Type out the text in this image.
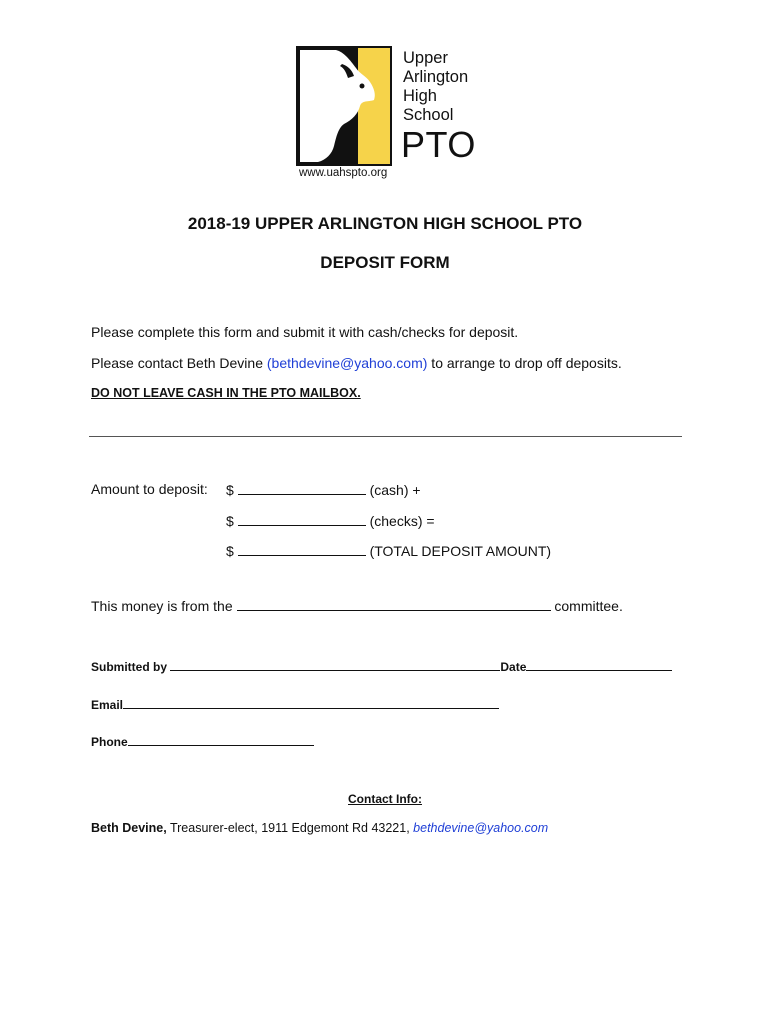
Upper
Arlington
High
School
PTO
www.uahspto.org
2018-19 UPPER ARLINGTON HIGH SCHOOL PTO
DEPOSIT FORM
Please complete this form and submit it with cash/checks for deposit.
Please contact Beth Devine (bethdevine@yahoo.com) to arrange to drop off deposits.
DO NOT LEAVE CASH IN THE PTO MAILBOX.
Amount to deposit: $	(cash) +
$	(checks) =
$	(TOTAL DEPOSIT AMOUNT)
This money is from the	committee.
Submitted by	Date
Email
Phone
Contact Info:
Beth Devine, Treasurer-elect, 1911 Edgemont Rd 43221, bethdevine@yahoo.com
